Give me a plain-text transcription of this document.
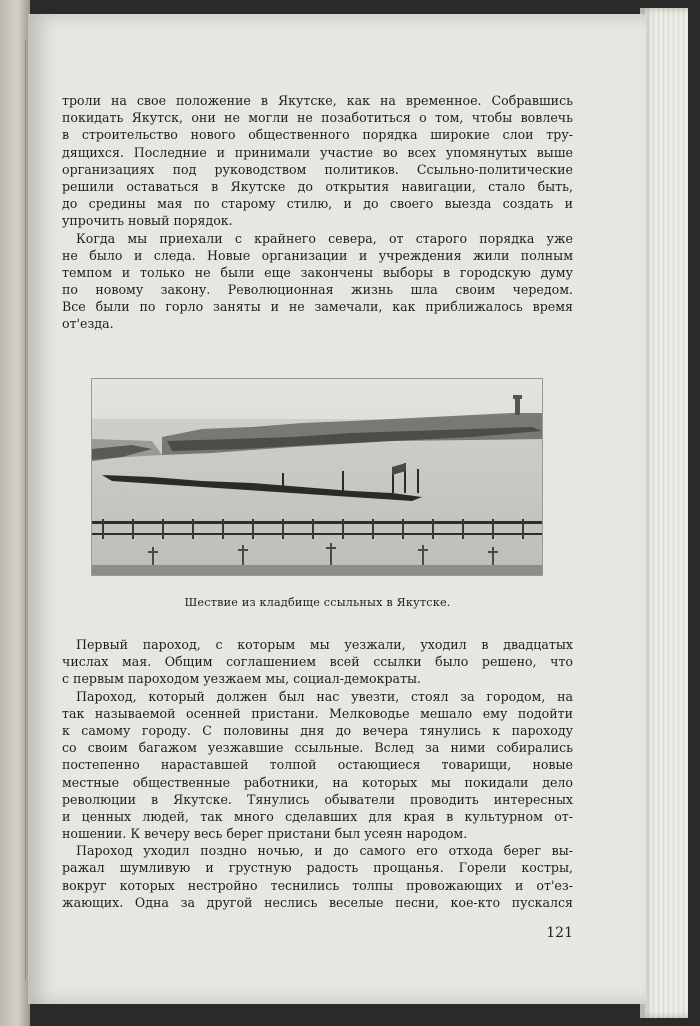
троли на свое положение в Якутске, как на временное. Собравшись
покидать Якутск, они не могли не позаботиться о том, чтобы вовлечь
в строительство нового общественного порядка широкие слои тру-
дящихся. Последние и принимали участие во всех упомянутых выше
организациях под руководством политиков. Ссыльно-политические
решили оставаться в Якутске до открытия навигации, стало быть,
до средины мая по старому стилю, и до своего выезда создать и
упрочить новый порядок.
Когда мы приехали с крайнего севера, от старого порядка уже
не было и следа. Новые организации и учреждения жили полным
темпом и только не были еще закончены выборы в городскую думу
по новому закону. Революционная жизнь шла своим чередом.
Все были по горло заняты и не замечали, как приближалось время
от'езда.
Шествие из кладбище ссыльных в Якутске.
Первый пароход, с которым мы уезжали, уходил в двадцатых
числах мая. Общим соглашением всей ссылки было решено, что
с первым пароходом уезжаем мы, социал-демократы.
Пароход, который должен был нас увезти, стоял за городом, на
так называемой осенней пристани. Мелководье мешало ему подойти
к самому городу. С половины дня до вечера тянулись к пароходу
со своим багажом уезжавшие ссыльные. Вслед за ними собирались
постепенно нараставшей толпой остающиеся товарищи, новые
местные общественные работники, на которых мы покидали дело
революции в Якутске. Тянулись обыватели проводить интересных
и ценных людей, так много сделавших для края в культурном от-
ношении. К вечеру весь берег пристани был усеян народом.
Пароход уходил поздно ночью, и до самого его отхода берег вы-
ражал шумливую и грустную радость прощанья. Горели костры,
вокруг которых нестройно теснились толпы провожающих и от'ез-
жающих. Одна за другой неслись веселые песни, кое-кто пускался
121
